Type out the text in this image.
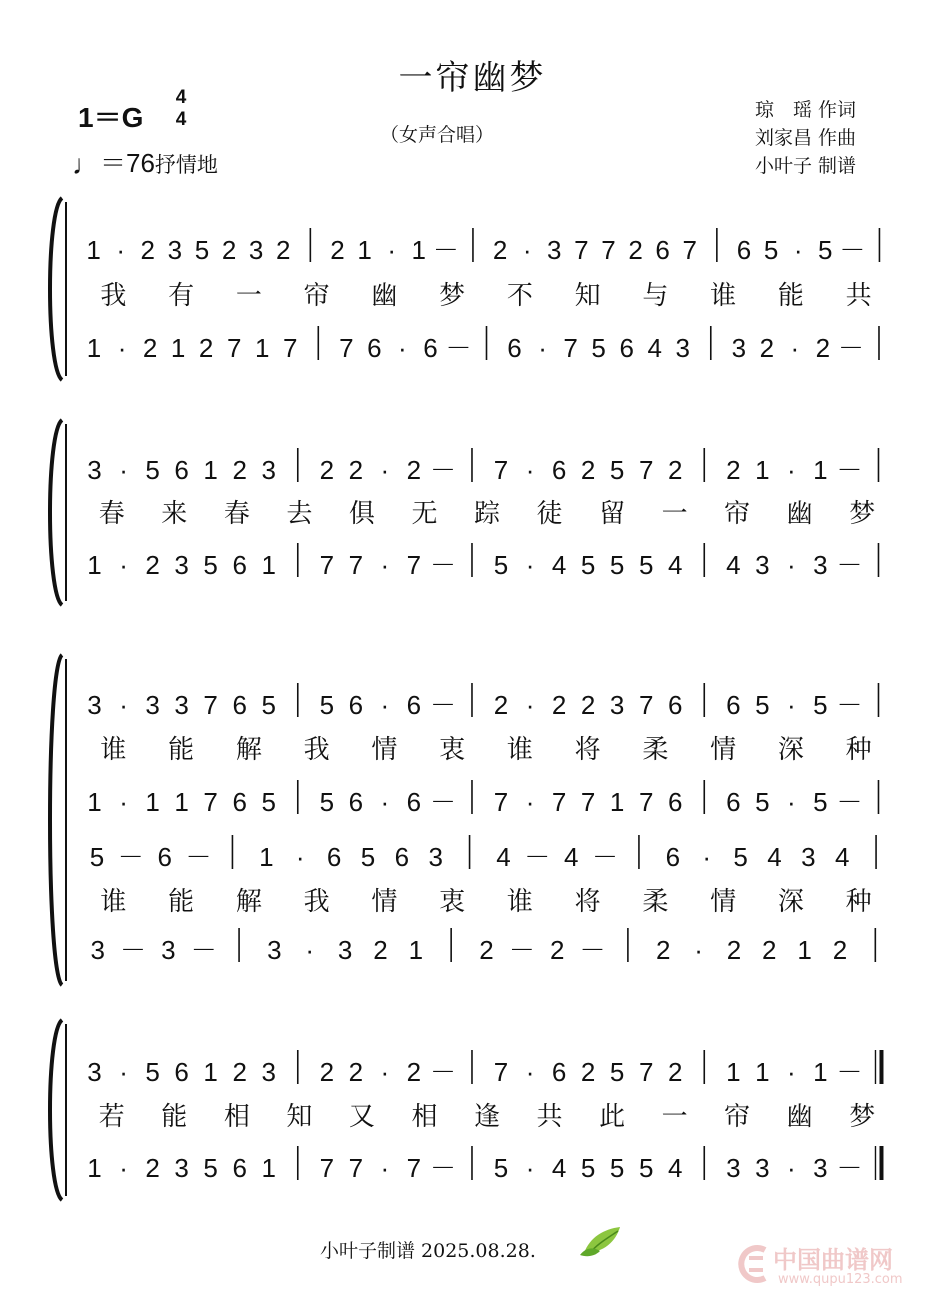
一帘幽梦
（女声合唱）
1＝G
4
4
♩＝76抒情地
琼　瑶 作词
刘家昌 作曲
小叶子 制谱
1 · 2 3 5 2 3 2 2 1 · 1 － 2 · 3 7 7 2 6 7 6 5 · 5 －
我 有 一 帘 幽 梦 不 知 与 谁 能 共
1 · 2 1 2 7 1 7 7 6 · 6 － 6 · 7 5 6 4 3 3 2 · 2 －
3 · 5 6 1 2 3 2 2 · 2 － 7 · 6 2 5 7 2 2 1 · 1 －
春 来 春 去 俱 无 踪 徒 留 一 帘 幽 梦
1 · 2 3 5 6 1 7 7 · 7 － 5 · 4 5 5 5 4 4 3 · 3 －
3 · 3 3 7 6 5 5 6 · 6 － 2 · 2 2 3 7 6 6 5 · 5 －
谁 能 解 我 情 衷 谁 将 柔 情 深 种
1 · 1 1 7 6 5 5 6 · 6 － 7 · 7 7 1 7 6 6 5 · 5 －
5 － 6 － 1 · 6 5 6 3 4 － 4 － 6 · 5 4 3 4
谁 能 解 我 情 衷 谁 将 柔 情 深 种
3 － 3 － 3 · 3 2 1 2 － 2 － 2 · 2 2 1 2
3 · 5 6 1 2 3 2 2 · 2 － 7 · 6 2 5 7 2 1 1 · 1 －
若 能 相 知 又 相 逢 共 此 一 帘 幽 梦
1 · 2 3 5 6 1 7 7 · 7 － 5 · 4 5 5 5 4 3 3 · 3 －
小叶子制谱 2025.08.28.	中国曲谱网
www.qupu123.com
